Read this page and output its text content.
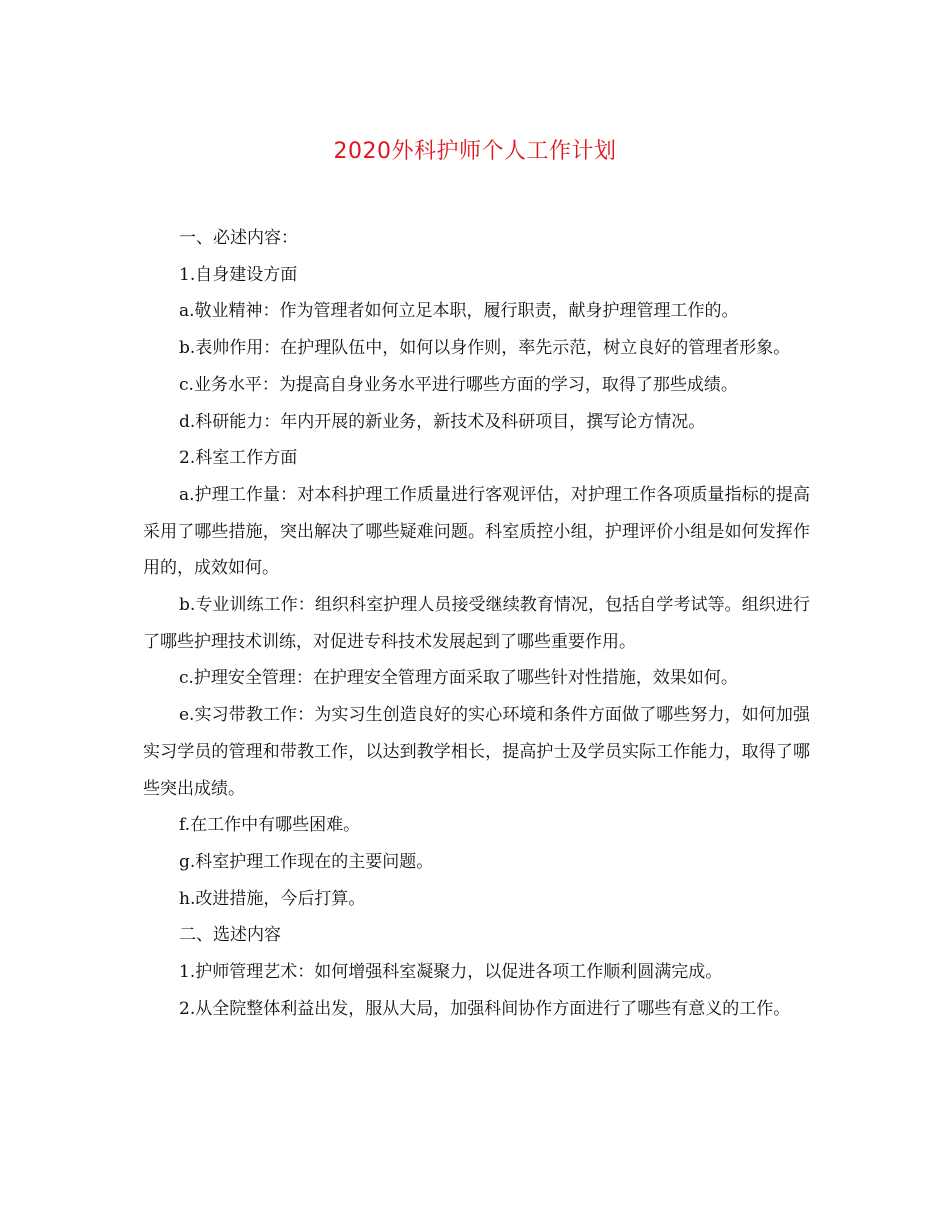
2020外科护师个人工作计划

一、必述内容：

1.自身建设方面

a.敬业精神：作为管理者如何立足本职，履行职责，献身护理管理工作的。

b.表帅作用：在护理队伍中，如何以身作则，率先示范，树立良好的管理者形象。

c.业务水平：为提高自身业务水平进行哪些方面的学习，取得了那些成绩。

d.科研能力：年内开展的新业务，新技术及科研项目，撰写论方情况。

2.科室工作方面

a.护理工作量：对本科护理工作质量进行客观评估，对护理工作各项质量指标的提高采用了哪些措施，突出解决了哪些疑难问题。科室质控小组，护理评价小组是如何发挥作用的，成效如何。

b.专业训练工作：组织科室护理人员接受继续教育情况，包括自学考试等。组织进行了哪些护理技术训练，对促进专科技术发展起到了哪些重要作用。

c.护理安全管理：在护理安全管理方面采取了哪些针对性措施，效果如何。

e.实习带教工作：为实习生创造良好的实心环境和条件方面做了哪些努力，如何加强实习学员的管理和带教工作，以达到教学相长，提高护士及学员实际工作能力，取得了哪些突出成绩。

f.在工作中有哪些困难。

g.科室护理工作现在的主要问题。

h.改进措施，今后打算。

二、选述内容

1.护师管理艺术：如何增强科室凝聚力，以促进各项工作顺利圆满完成。

2.从全院整体利益出发，服从大局，加强科间协作方面进行了哪些有意义的工作。
